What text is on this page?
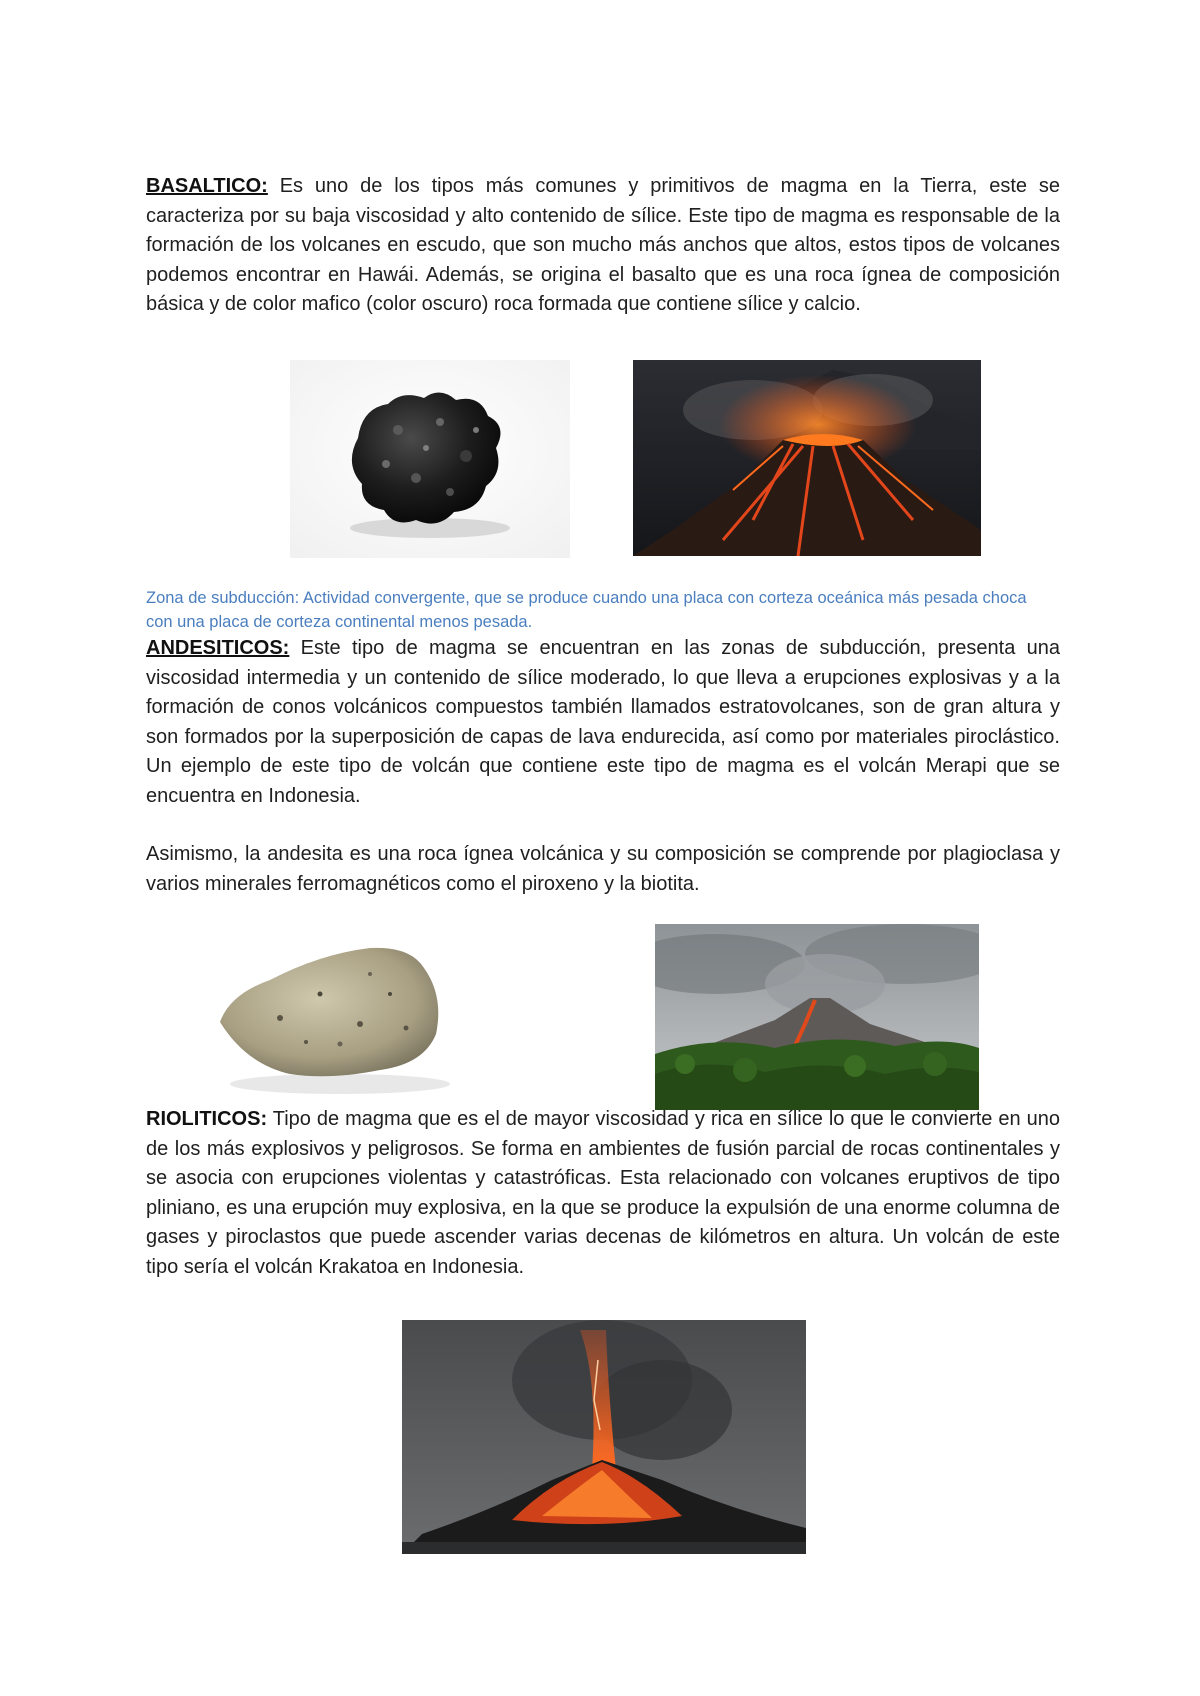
BASALTICO: Es uno de los tipos más comunes y primitivos de magma en la Tierra, este se caracteriza por su baja viscosidad y alto contenido de sílice. Este tipo de magma es responsable de la formación de los volcanes en escudo, que son mucho más anchos que altos, estos tipos de volcanes podemos encontrar en Hawái. Además, se origina el basalto que es una roca ígnea de composición básica y de color mafico (color oscuro) roca formada que contiene sílice y calcio.

Zona de subducción: Actividad convergente, que se produce cuando una placa con corteza oceánica más pesada choca con una placa de corteza continental menos pesada.

ANDESITICOS: Este tipo de magma se encuentran en las zonas de subducción, presenta una viscosidad intermedia y un contenido de sílice moderado, lo que lleva a erupciones explosivas y a la formación de conos volcánicos compuestos también llamados estratovolcanes, son de gran altura y son formados por la superposición de capas de lava endurecida, así como por materiales piroclástico. Un ejemplo de este tipo de volcán que contiene este tipo de magma es el volcán Merapi que se encuentra en Indonesia.

Asimismo, la andesita es una roca ígnea volcánica y su composición se comprende por plagioclasa y varios minerales ferromagnéticos como el piroxeno y la biotita.

RIOLITICOS: Tipo de magma que es el de mayor viscosidad y rica en sílice lo que le convierte en uno de los más explosivos y peligrosos. Se forma en ambientes de fusión parcial de rocas continentales y se asocia con erupciones violentas y catastróficas. Esta relacionado con volcanes eruptivos de tipo pliniano, es una erupción muy explosiva, en la que se produce la expulsión de una enorme columna de gases y piroclastos que puede ascender varias decenas de kilómetros en altura. Un volcán de este tipo sería el volcán Krakatoa en Indonesia.
